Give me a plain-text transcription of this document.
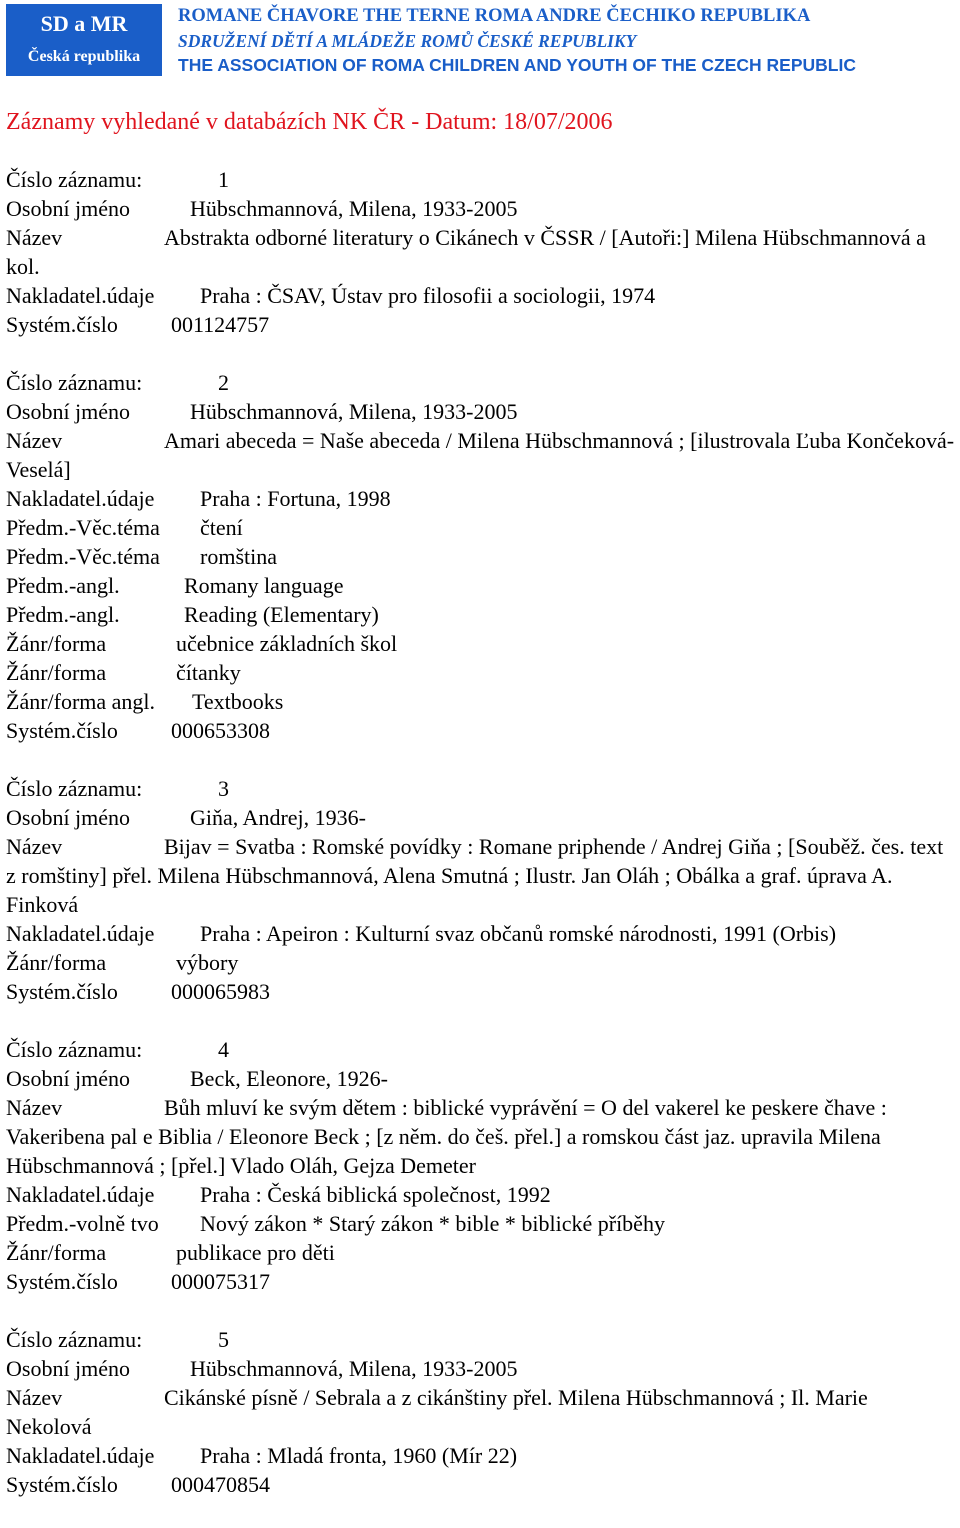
SD a MR
Česká republika
ROMANE ČHAVORE THE TERNE ROMA ANDRE ČECHIKO REPUBLIKA
SDRUŽENÍ DĚTÍ A MLÁDEŽE ROMŮ ČESKÉ REPUBLIKY
THE ASSOCIATION OF ROMA CHILDREN AND YOUTH OF THE CZECH REPUBLIC
Záznamy vyhledané v databázích NK ČR - Datum: 18/07/2006
Číslo záznamu:	1
Osobní jméno	Hübschmannová, Milena, 1933-2005
Název	Abstrakta odborné literatury o Cikánech v ČSSR / [Autoři:] Milena Hübschmannová a kol.
Nakladatel.údaje Praha : ČSAV, Ústav pro filosofii a sociologii, 1974
Systém.číslo 001124757
Číslo záznamu:	2
Osobní jméno	Hübschmannová, Milena, 1933-2005
Název	Amari abeceda = Naše abeceda / Milena Hübschmannová ; [ilustrovala Ľuba Končeková-Veselá]
Nakladatel.údaje Praha : Fortuna, 1998
Předm.-Věc.téma čtení
Předm.-Věc.téma romština
Předm.-angl.	Romany language
Předm.-angl.	Reading (Elementary)
Žánr/forma	učebnice základních škol
Žánr/forma	čítanky
Žánr/forma angl. Textbooks
Systém.číslo 000653308
Číslo záznamu:	3
Osobní jméno	Giňa, Andrej, 1936-
Název	Bijav = Svatba : Romské povídky : Romane priphende / Andrej Giňa ; [Souběž. čes. text z romštiny] přel. Milena Hübschmannová, Alena Smutná ; Ilustr. Jan Oláh ; Obálka a graf. úprava A. Finková
Nakladatel.údaje Praha : Apeiron : Kulturní svaz občanů romské národnosti, 1991 (Orbis)
Žánr/forma	výbory
Systém.číslo 000065983
Číslo záznamu:	4
Osobní jméno	Beck, Eleonore, 1926-
Název	Bůh mluví ke svým dětem : biblické vyprávění = O del vakerel ke peskere čhave : Vakeribena pal e Biblia / Eleonore Beck ; [z něm. do češ. přel.] a romskou část jaz. upravila Milena Hübschmannová ; [přel.] Vlado Oláh, Gejza Demeter
Nakladatel.údaje Praha : Česká biblická společnost, 1992
Předm.-volně tvo Nový zákon * Starý zákon * bible * biblické příběhy
Žánr/forma	publikace pro děti
Systém.číslo 000075317
Číslo záznamu:	5
Osobní jméno	Hübschmannová, Milena, 1933-2005
Název	Cikánské písně / Sebrala a z cikánštiny přel. Milena Hübschmannová ; Il. Marie Nekolová
Nakladatel.údaje Praha : Mladá fronta, 1960 (Mír 22)
Systém.číslo 000470854
